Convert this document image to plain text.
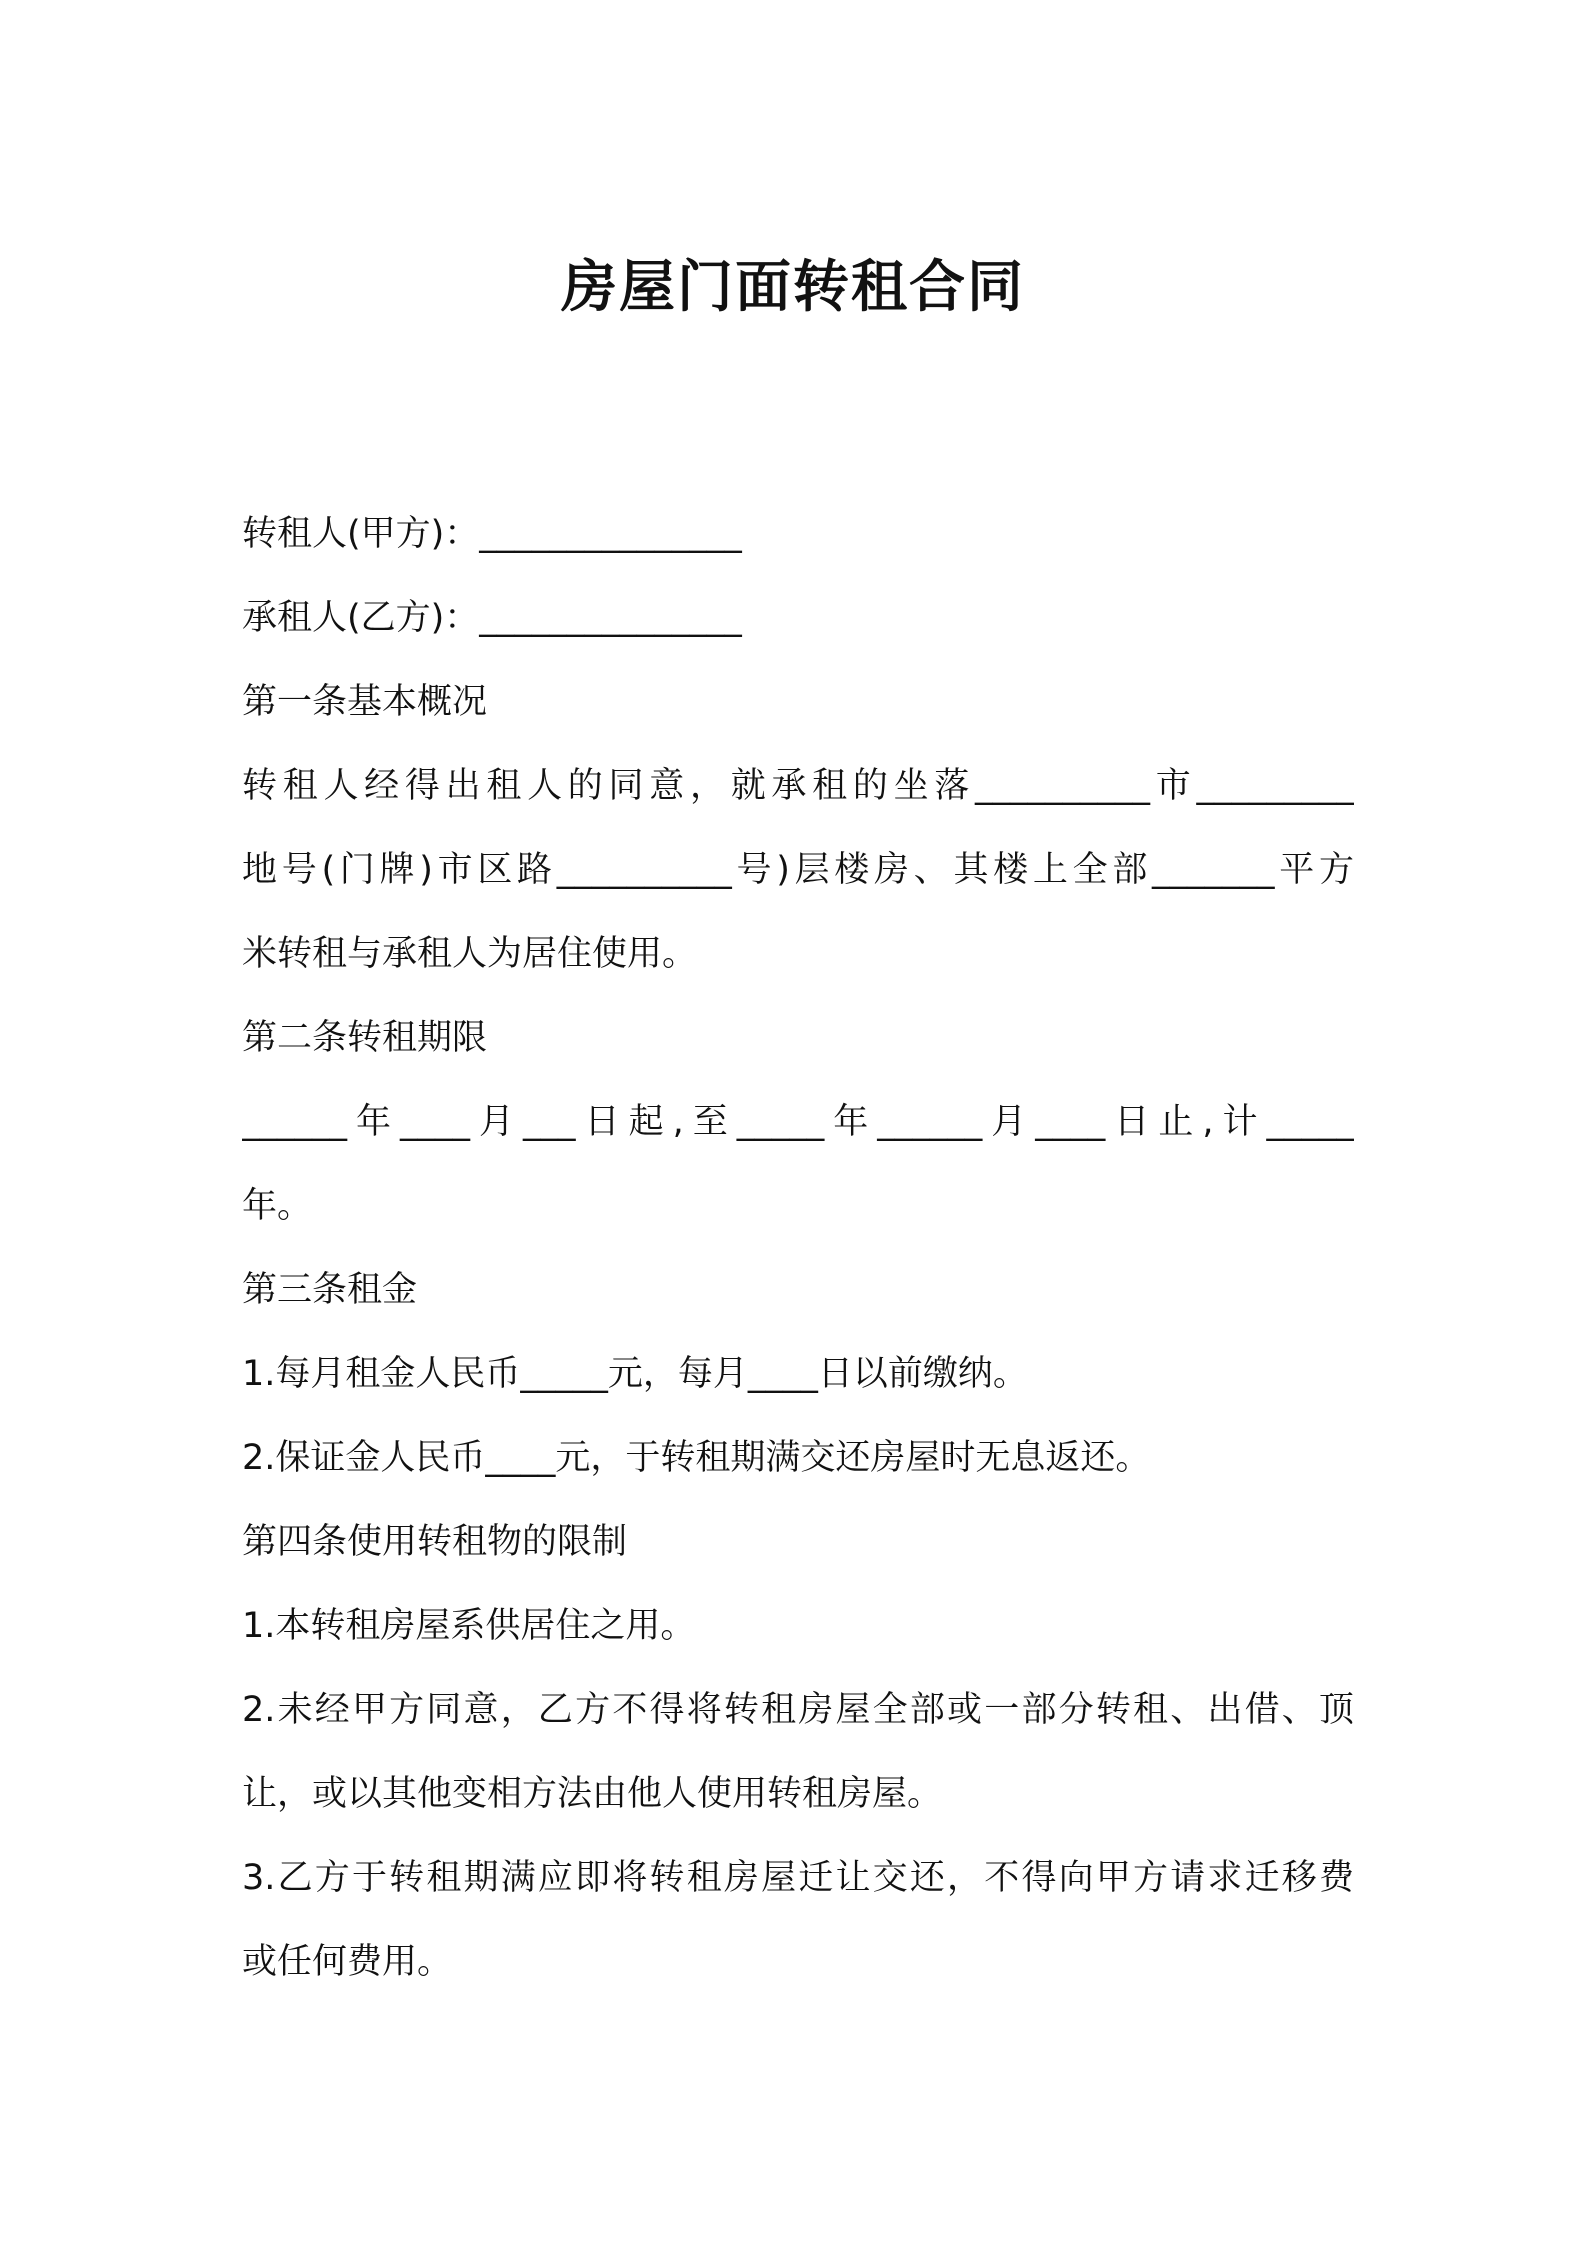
房屋门面转租合同
转租人(甲方)：_______________
承租人(乙方)：_______________
第一条基本概况
转租人经得出租人的同意，就承租的坐落__________市_________
地号(门牌)市区路__________号)层楼房、其楼上全部_______平方
米转租与承租人为居住使用。
第二条转租期限
______年____月___日起,至_____年______月____日止,计_____
年。
第三条租金
1.每月租金人民币_____元，每月____日以前缴纳。
2.保证金人民币____元，于转租期满交还房屋时无息返还。
第四条使用转租物的限制
1.本转租房屋系供居住之用。
2.未经甲方同意，乙方不得将转租房屋全部或一部分转租、出借、顶
让，或以其他变相方法由他人使用转租房屋。
3.乙方于转租期满应即将转租房屋迁让交还，不得向甲方请求迁移费
或任何费用。
